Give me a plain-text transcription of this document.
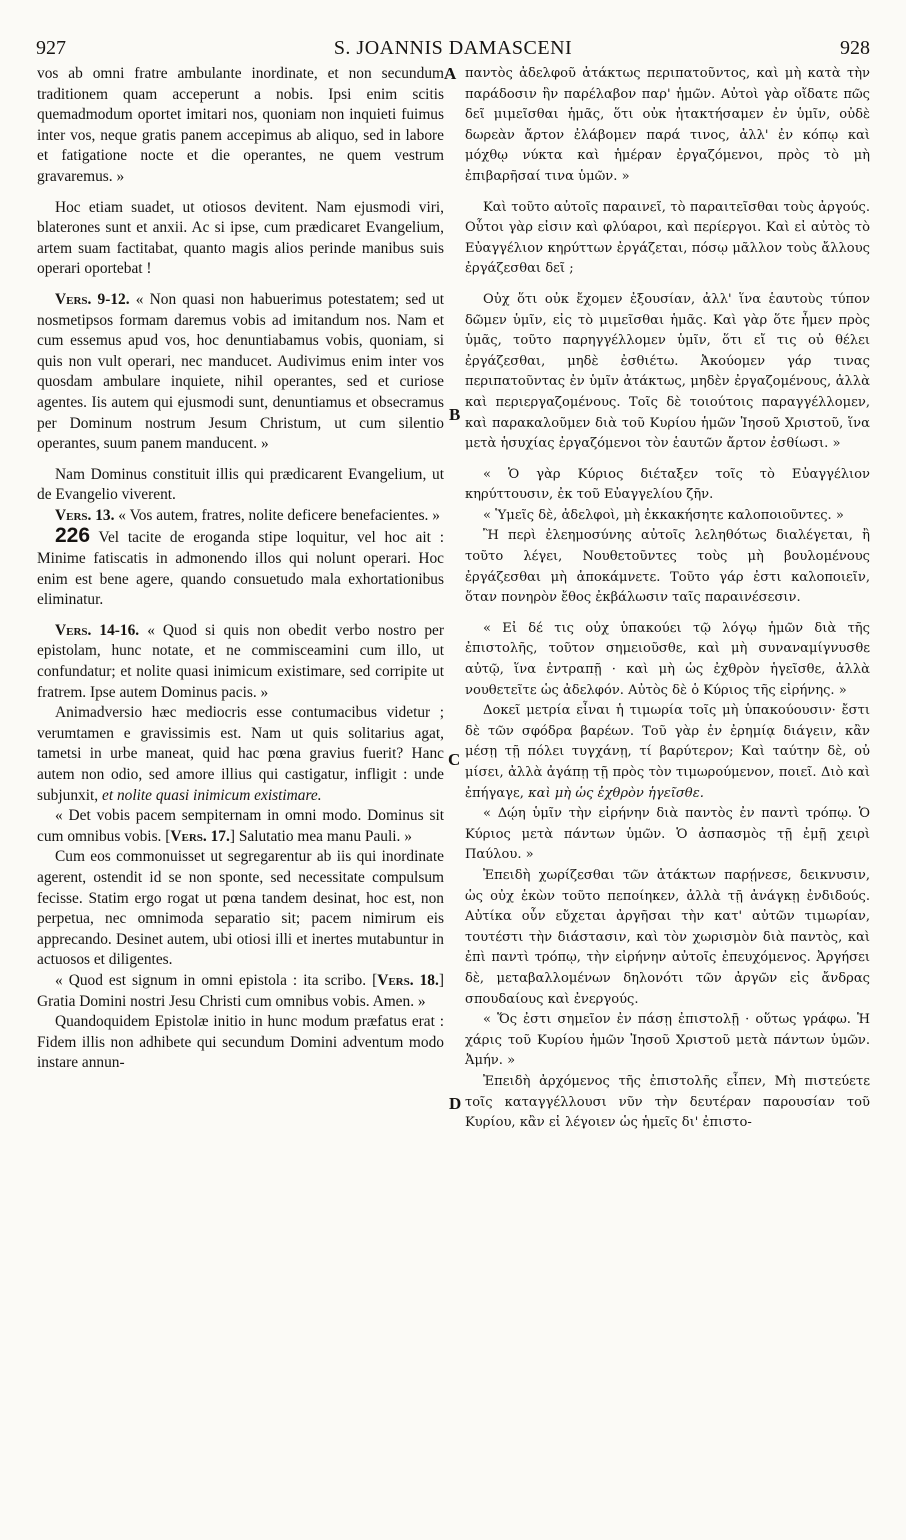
927	S. JOANNIS DAMASCENI	928
A
B
C
D

vos ab omni fratre ambulante inordinate, et non secundum traditionem quam acceperunt a nobis. Ipsi enim scitis quemadmodum oportet imitari nos, quoniam non inquieti fuimus inter vos, neque gratis panem accepimus ab aliquo, sed in labore et fatigatione nocte et die operantes, ne quem vestrum gravaremus. »

Hoc etiam suadet, ut otiosos devitent. Nam ejusmodi viri, blaterones sunt et anxii. Ac si ipse, cum prædicaret Evangelium, artem suam factitabat, quanto magis alios perinde manibus suis operari oportebat !

Vers. 9-12. « Non quasi non habuerimus potestatem; sed ut nosmetipsos formam daremus vobis ad imitandum nos. Nam et cum essemus apud vos, hoc denuntiabamus vobis, quoniam, si quis non vult operari, nec manducet. Audivimus enim inter vos quosdam ambulare inquiete, nihil operantes, sed et curiose agentes. Iis autem qui ejusmodi sunt, denuntiamus et obsecramus per Dominum nostrum Jesum Christum, ut cum silentio operantes, suum panem manducent. »

Nam Dominus constituit illis qui prædicarent Evangelium, ut de Evangelio viverent.

Vers. 13. « Vos autem, fratres, nolite deficere benefacientes. »

226 Vel tacite de eroganda stipe loquitur, vel hoc ait : Minime fatiscatis in admonendo illos qui nolunt operari. Hoc enim est bene agere, quando consuetudo mala exhortationibus eliminatur.

Vers. 14-16. « Quod si quis non obedit verbo nostro per epistolam, hunc notate, et ne commisceamini cum illo, ut confundatur; et nolite quasi inimicum existimare, sed corripite ut fratrem. Ipse autem Dominus pacis. »

Animadversio hæc mediocris esse contumacibus videtur ; verumtamen e gravissimis est. Nam ut quis solitarius agat, tametsi in urbe maneat, quid hac pœna gravius fuerit? Hanc autem non odio, sed amore illius qui castigatur, infligit : unde subjunxit, et nolite quasi inimicum existimare.

« Det vobis pacem sempiternam in omni modo. Dominus sit cum omnibus vobis. [Vers. 17.] Salutatio mea manu Pauli. »

Cum eos commonuisset ut segregarentur ab iis qui inordinate agerent, ostendit id se non sponte, sed necessitate compulsum fecisse. Statim ergo rogat ut pœna tandem desinat, hoc est, non perpetua, nec omnimoda separatio sit; pacem nimirum eis apprecando. Desinet autem, ubi otiosi illi et inertes mutabuntur in actuosos et diligentes.

« Quod est signum in omni epistola : ita scribo. [Vers. 18.] Gratia Domini nostri Jesu Christi cum omnibus vobis. Amen. »

Quandoquidem Epistolæ initio in hunc modum præfatus erat : Fidem illis non adhibete qui secundum Domini adventum modo instare annun-

παντὸς ἀδελφοῦ ἀτάκτως περιπατοῦντος, καὶ μὴ κατὰ τὴν παράδοσιν ἣν παρέλαβον παρ' ἡμῶν. Αὐτοὶ γὰρ οἴδατε πῶς δεῖ μιμεῖσθαι ἡμᾶς, ὅτι οὐκ ἠτακτήσαμεν ἐν ὑμῖν, οὐδὲ δωρεὰν ἄρτον ἐλάβομεν παρά τινος, ἀλλ' ἐν κόπῳ καὶ μόχθῳ νύκτα καὶ ἡμέραν ἐργαζόμενοι, πρὸς τὸ μὴ ἐπιβαρῆσαί τινα ὑμῶν. »

Καὶ τοῦτο αὐτοῖς παραινεῖ, τὸ παραιτεῖσθαι τοὺς ἀργούς. Οὗτοι γὰρ εἰσιν καὶ φλύαροι, καὶ περίεργοι. Καὶ εἰ αὐτὸς τὸ Εὐαγγέλιον κηρύττων ἐργάζεται, πόσῳ μᾶλλον τοὺς ἄλλους ἐργάζεσθαι δεῖ ;

Οὐχ ὅτι οὐκ ἔχομεν ἐξουσίαν, ἀλλ' ἵνα ἑαυτοὺς τύπον δῶμεν ὑμῖν, εἰς τὸ μιμεῖσθαι ἡμᾶς. Καὶ γὰρ ὅτε ἦμεν πρὸς ὑμᾶς, τοῦτο παρηγγέλλομεν ὑμῖν, ὅτι εἴ τις οὐ θέλει ἐργάζεσθαι, μηδὲ ἐσθιέτω. Ἀκούομεν γάρ τινας περιπατοῦντας ἐν ὑμῖν ἀτάκτως, μηδὲν ἐργαζομένους, ἀλλὰ καὶ περιεργαζομένους. Τοῖς δὲ τοιούτοις παραγγέλλομεν, καὶ παρακαλοῦμεν διὰ τοῦ Κυρίου ἡμῶν Ἰησοῦ Χριστοῦ, ἵνα μετὰ ἡσυχίας ἐργαζόμενοι τὸν ἑαυτῶν ἄρτον ἐσθίωσι. »

« Ὁ γὰρ Κύριος διέταξεν τοῖς τὸ Εὐαγγέλιον κηρύττουσιν, ἐκ τοῦ Εὐαγγελίου ζῆν.

« Ὑμεῖς δὲ, ἀδελφοὶ, μὴ ἐκκακήσητε καλοποιοῦντες. »

Ἢ περὶ ἐλεημοσύνης αὐτοῖς λεληθότως διαλέγεται, ἢ τοῦτο λέγει, Νουθετοῦντες τοὺς μὴ βουλομένους ἐργάζεσθαι μὴ ἀποκάμνετε. Τοῦτο γάρ ἐστι καλοποιεῖν, ὅταν πονηρὸν ἔθος ἐκβάλωσιν ταῖς παραινέσεσιν.

« Εἰ δέ τις οὐχ ὑπακούει τῷ λόγῳ ἡμῶν διὰ τῆς ἐπιστολῆς, τοῦτον σημειοῦσθε, καὶ μὴ συναναμίγνυσθε αὐτῷ, ἵνα ἐντραπῇ · καὶ μὴ ὡς ἐχθρὸν ἡγεῖσθε, ἀλλὰ νουθετεῖτε ὡς ἀδελφόν. Αὐτὸς δὲ ὁ Κύριος τῆς εἰρήνης. »

Δοκεῖ μετρία εἶναι ἡ τιμωρία τοῖς μὴ ὑπακούουσιν· ἔστι δὲ τῶν σφόδρα βαρέων. Τοῦ γὰρ ἐν ἐρημίᾳ διάγειν, κἂν μέσῃ τῇ πόλει τυγχάνῃ, τί βαρύτερον; Καὶ ταύτην δὲ, οὐ μίσει, ἀλλὰ ἀγάπῃ τῇ πρὸς τὸν τιμωρούμενον, ποιεῖ. Διὸ καὶ ἐπήγαγε, καὶ μὴ ὡς ἐχθρὸν ἡγεῖσθε.

« Δῴη ὑμῖν τὴν εἰρήνην διὰ παντὸς ἐν παντὶ τρόπῳ. Ὁ Κύριος μετὰ πάντων ὑμῶν. Ὁ ἀσπασμὸς τῇ ἐμῇ χειρὶ Παύλου. »

Ἐπειδὴ χωρίζεσθαι τῶν ἀτάκτων παρῄνεσε, δεικνυσιν, ὡς οὐχ ἑκὼν τοῦτο πεποίηκεν, ἀλλὰ τῇ ἀνάγκῃ ἐνδιδούς. Αὐτίκα οὖν εὔχεται ἀργῆσαι τὴν κατ' αὐτῶν τιμωρίαν, τουτέστι τὴν διάστασιν, καὶ τὸν χωρισμὸν διὰ παντὸς, καὶ ἐπὶ παντὶ τρόπῳ, τὴν εἰρήνην αὐτοῖς ἐπευχόμενος. Ἀργήσει δὲ, μεταβαλλομένων δηλονότι τῶν ἀργῶν εἰς ἄνδρας σπουδαίους καὶ ἐνεργούς.

« Ὅς ἐστι σημεῖον ἐν πάσῃ ἐπιστολῇ · οὕτως γράφω. Ἡ χάρις τοῦ Κυρίου ἡμῶν Ἰησοῦ Χριστοῦ μετὰ πάντων ὑμῶν. Ἀμήν. »

Ἐπειδὴ ἀρχόμενος τῆς ἐπιστολῆς εἶπεν, Μὴ πιστεύετε τοῖς καταγγέλλουσι νῦν τὴν δευτέραν παρουσίαν τοῦ Κυρίου, κἂν εἰ λέγοιεν ὡς ἡμεῖς δι' ἐπιστο-
